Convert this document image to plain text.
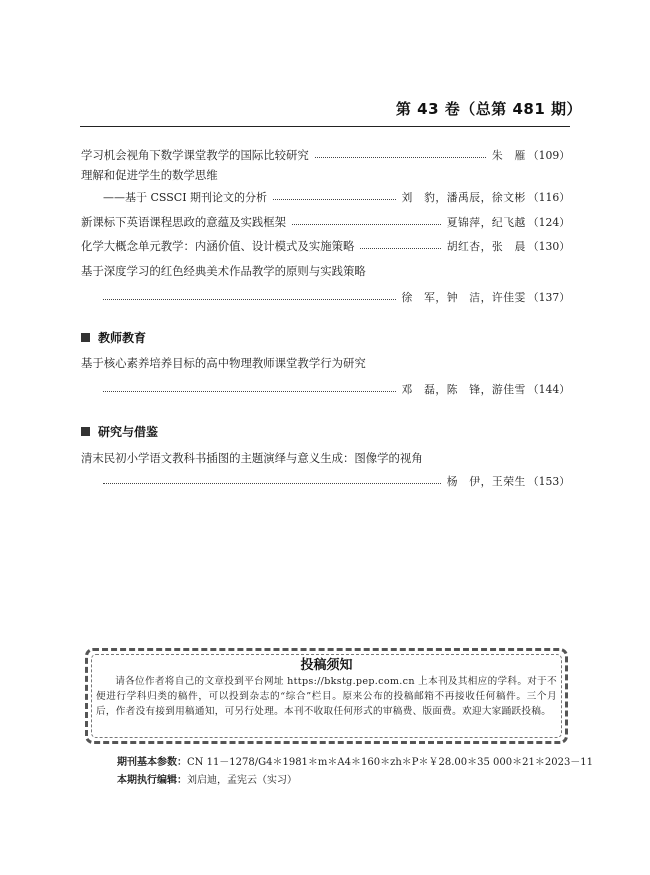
第 43 卷（总第 481 期）
学习机会视角下数学课堂教学的国际比较研究	朱　雁 （109）
理解和促进学生的数学思维
——基于 CSSCI 期刊论文的分析	刘　豹，潘禹辰，徐文彬 （116）
新课标下英语课程思政的意蕴及实践框架	夏锦萍，纪飞越 （124）
化学大概念单元教学：内涵价值、设计模式及实施策略	胡红杏，张　晨 （130）
基于深度学习的红色经典美术作品教学的原则与实践策略
徐　军，钟　洁，许佳雯 （137）
基于核心素养培养目标的高中物理教师课堂教学行为研究
邓　磊，陈　锋，游佳雪 （144）
清末民初小学语文教科书插图的主题演绎与意义生成：图像学的视角
杨　伊，王荣生 （153）
教师教育
研究与借鉴
投稿须知
请各位作者将自己的文章投到平台网址 https://bkstg.pep.com.cn 上本刊及其相应的学科。对于不便进行学科归类的稿件，可以投到杂志的“综合”栏目。原来公布的投稿邮箱不再接收任何稿件。三个月后，作者没有接到用稿通知，可另行处理。本刊不收取任何形式的审稿费、版面费。欢迎大家踊跃投稿。
期刊基本参数：CN 11－1278/G4＊1981＊m＊A4＊160＊zh＊P＊￥28.00＊35 000＊21＊2023－11
本期执行编辑：刘启迪，孟宪云（实习）
